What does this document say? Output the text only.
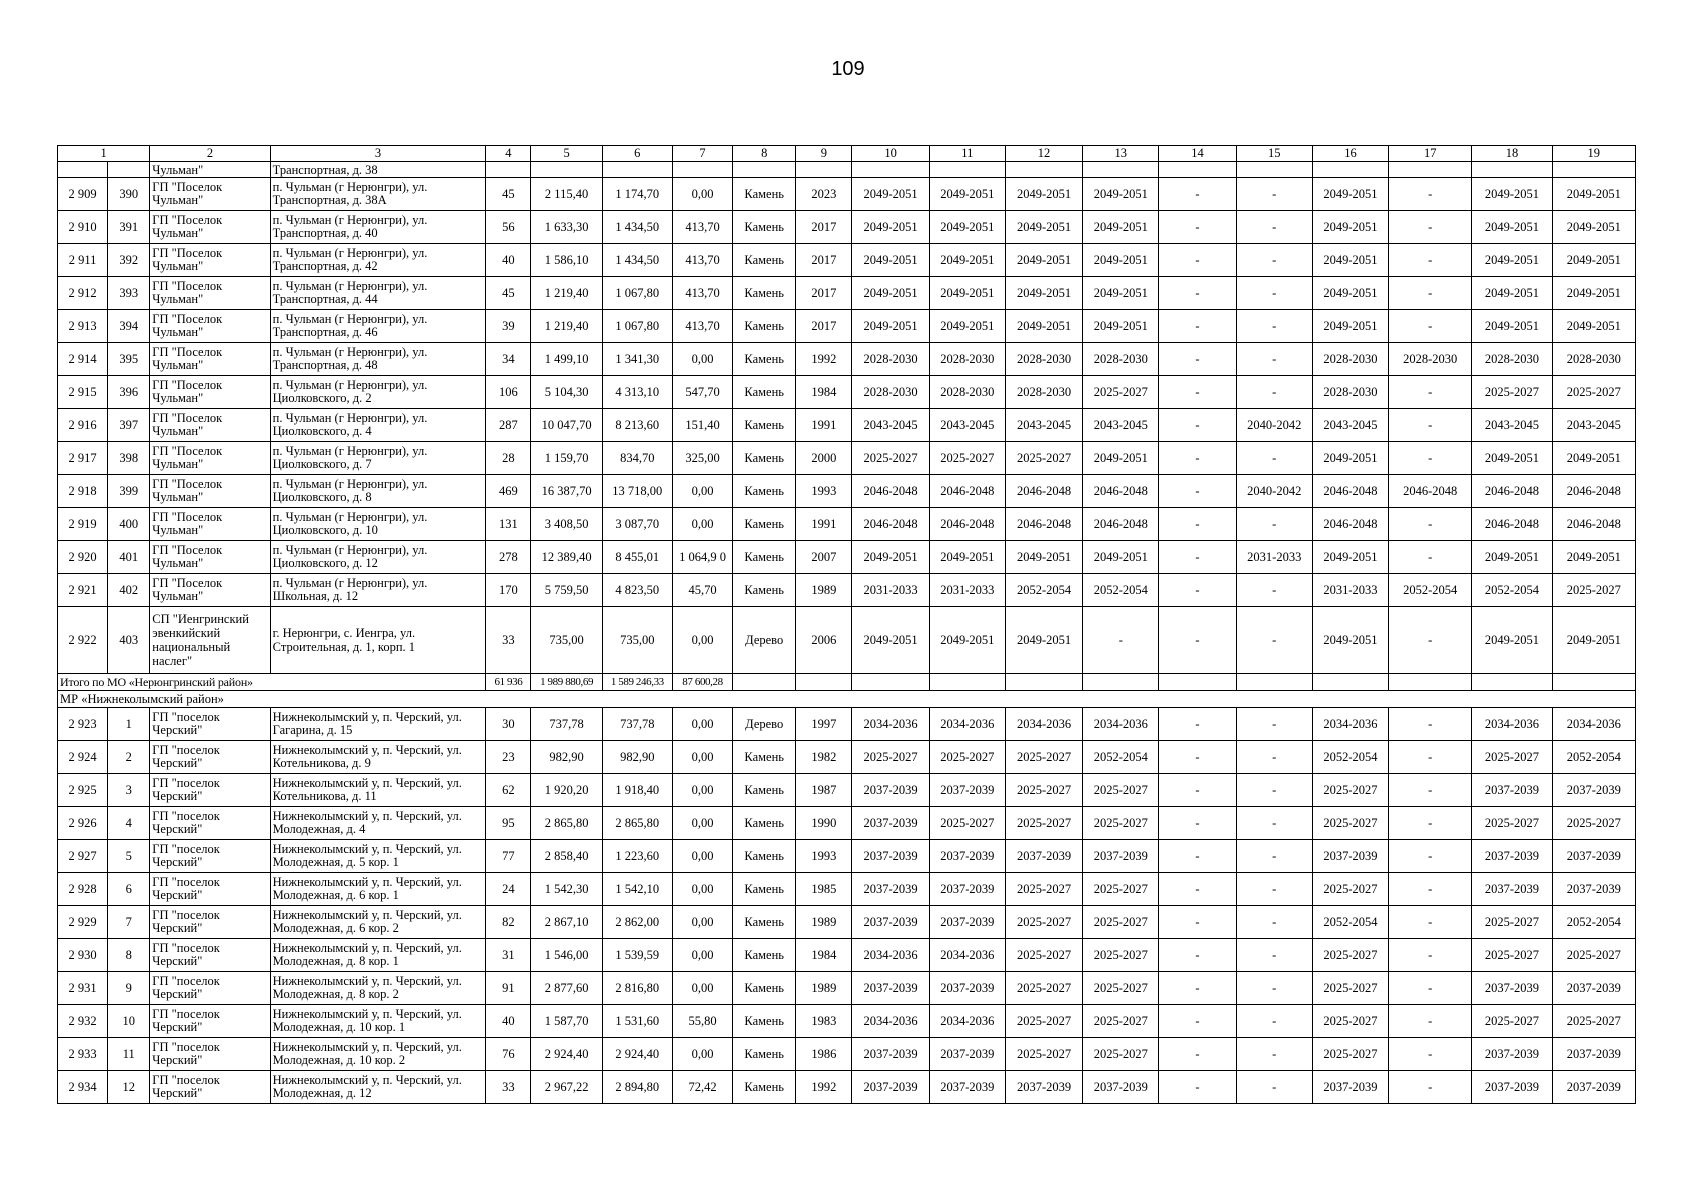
109
1		2	3	4	5	6	7	8	9	10	11	12	13	14	15	16	17	18	19
		Чульман"	Транспортная, д. 38																
2 909	390	ГП "Поселок Чульман"	п. Чульман (г Нерюнгри), ул. Транспортная, д. 38А	45	2 115,40	1 174,70	0,00	Камень	2023	2049-2051	2049-2051	2049-2051	2049-2051	-	-	2049-2051	-	2049-2051	2049-2051
2 910	391	ГП "Поселок Чульман"	п. Чульман (г Нерюнгри), ул. Транспортная, д. 40	56	1 633,30	1 434,50	413,70	Камень	2017	2049-2051	2049-2051	2049-2051	2049-2051	-	-	2049-2051	-	2049-2051	2049-2051
2 911	392	ГП "Поселок Чульман"	п. Чульман (г Нерюнгри), ул. Транспортная, д. 42	40	1 586,10	1 434,50	413,70	Камень	2017	2049-2051	2049-2051	2049-2051	2049-2051	-	-	2049-2051	-	2049-2051	2049-2051
2 912	393	ГП "Поселок Чульман"	п. Чульман (г Нерюнгри), ул. Транспортная, д. 44	45	1 219,40	1 067,80	413,70	Камень	2017	2049-2051	2049-2051	2049-2051	2049-2051	-	-	2049-2051	-	2049-2051	2049-2051
2 913	394	ГП "Поселок Чульман"	п. Чульман (г Нерюнгри), ул. Транспортная, д. 46	39	1 219,40	1 067,80	413,70	Камень	2017	2049-2051	2049-2051	2049-2051	2049-2051	-	-	2049-2051	-	2049-2051	2049-2051
2 914	395	ГП "Поселок Чульман"	п. Чульман (г Нерюнгри), ул. Транспортная, д. 48	34	1 499,10	1 341,30	0,00	Камень	1992	2028-2030	2028-2030	2028-2030	2028-2030	-	-	2028-2030	2028-2030	2028-2030	2028-2030
2 915	396	ГП "Поселок Чульман"	п. Чульман (г Нерюнгри), ул. Циолковского, д. 2	106	5 104,30	4 313,10	547,70	Камень	1984	2028-2030	2028-2030	2028-2030	2025-2027	-	-	2028-2030	-	2025-2027	2025-2027
2 916	397	ГП "Поселок Чульман"	п. Чульман (г Нерюнгри), ул. Циолковского, д. 4	287	10 047,70	8 213,60	151,40	Камень	1991	2043-2045	2043-2045	2043-2045	2043-2045	-	2040-2042	2043-2045	-	2043-2045	2043-2045
2 917	398	ГП "Поселок Чульман"	п. Чульман (г Нерюнгри), ул. Циолковского, д. 7	28	1 159,70	834,70	325,00	Камень	2000	2025-2027	2025-2027	2025-2027	2049-2051	-	-	2049-2051	-	2049-2051	2049-2051
2 918	399	ГП "Поселок Чульман"	п. Чульман (г Нерюнгри), ул. Циолковского, д. 8	469	16 387,70	13 718,00	0,00	Камень	1993	2046-2048	2046-2048	2046-2048	2046-2048	-	2040-2042	2046-2048	2046-2048	2046-2048	2046-2048
2 919	400	ГП "Поселок Чульман"	п. Чульман (г Нерюнгри), ул. Циолковского, д. 10	131	3 408,50	3 087,70	0,00	Камень	1991	2046-2048	2046-2048	2046-2048	2046-2048	-	-	2046-2048	-	2046-2048	2046-2048
2 920	401	ГП "Поселок Чульман"	п. Чульман (г Нерюнгри), ул. Циолковского, д. 12	278	12 389,40	8 455,01	1 064,9 0	Камень	2007	2049-2051	2049-2051	2049-2051	2049-2051	-	2031-2033	2049-2051	-	2049-2051	2049-2051
2 921	402	ГП "Поселок Чульман"	п. Чульман (г Нерюнгри), ул. Школьная, д. 12	170	5 759,50	4 823,50	45,70	Камень	1989	2031-2033	2031-2033	2052-2054	2052-2054	-	-	2031-2033	2052-2054	2052-2054	2025-2027
2 922	403	СП "Иенгринский эвенкийский национальный наслег"	г. Нерюнгри, с. Иенгра, ул. Строительная, д. 1, корп. 1	33	735,00	735,00	0,00	Дерево	2006	2049-2051	2049-2051	2049-2051	-	-	-	2049-2051	-	2049-2051	2049-2051
Итого по МО «Нерюнгринский район»				61 936	1 989 880,69	1 589 246,33	87 600,28												
МР «Нижнеколымский район»																			
2 923	1	ГП "поселок Черский"	Нижнеколымский у, п. Черский, ул. Гагарина, д. 15	30	737,78	737,78	0,00	Дерево	1997	2034-2036	2034-2036	2034-2036	2034-2036	-	-	2034-2036	-	2034-2036	2034-2036
2 924	2	ГП "поселок Черский"	Нижнеколымский у, п. Черский, ул. Котельникова, д. 9	23	982,90	982,90	0,00	Камень	1982	2025-2027	2025-2027	2025-2027	2052-2054	-	-	2052-2054	-	2025-2027	2052-2054
2 925	3	ГП "поселок Черский"	Нижнеколымский у, п. Черский, ул. Котельникова, д. 11	62	1 920,20	1 918,40	0,00	Камень	1987	2037-2039	2037-2039	2025-2027	2025-2027	-	-	2025-2027	-	2037-2039	2037-2039
2 926	4	ГП "поселок Черский"	Нижнеколымский у, п. Черский, ул. Молодежная, д. 4	95	2 865,80	2 865,80	0,00	Камень	1990	2037-2039	2025-2027	2025-2027	2025-2027	-	-	2025-2027	-	2025-2027	2025-2027
2 927	5	ГП "поселок Черский"	Нижнеколымский у, п. Черский, ул. Молодежная, д. 5 кор. 1	77	2 858,40	1 223,60	0,00	Камень	1993	2037-2039	2037-2039	2037-2039	2037-2039	-	-	2037-2039	-	2037-2039	2037-2039
2 928	6	ГП "поселок Черский"	Нижнеколымский у, п. Черский, ул. Молодежная, д. 6 кор. 1	24	1 542,30	1 542,10	0,00	Камень	1985	2037-2039	2037-2039	2025-2027	2025-2027	-	-	2025-2027	-	2037-2039	2037-2039
2 929	7	ГП "поселок Черский"	Нижнеколымский у, п. Черский, ул. Молодежная, д. 6 кор. 2	82	2 867,10	2 862,00	0,00	Камень	1989	2037-2039	2037-2039	2025-2027	2025-2027	-	-	2052-2054	-	2025-2027	2052-2054
2 930	8	ГП "поселок Черский"	Нижнеколымский у, п. Черский, ул. Молодежная, д. 8 кор. 1	31	1 546,00	1 539,59	0,00	Камень	1984	2034-2036	2034-2036	2025-2027	2025-2027	-	-	2025-2027	-	2025-2027	2025-2027
2 931	9	ГП "поселок Черский"	Нижнеколымский у, п. Черский, ул. Молодежная, д. 8 кор. 2	91	2 877,60	2 816,80	0,00	Камень	1989	2037-2039	2037-2039	2025-2027	2025-2027	-	-	2025-2027	-	2037-2039	2037-2039
2 932	10	ГП "поселок Черский"	Нижнеколымский у, п. Черский, ул. Молодежная, д. 10 кор. 1	40	1 587,70	1 531,60	55,80	Камень	1983	2034-2036	2034-2036	2025-2027	2025-2027	-	-	2025-2027	-	2025-2027	2025-2027
2 933	11	ГП "поселок Черский"	Нижнеколымский у, п. Черский, ул. Молодежная, д. 10 кор. 2	76	2 924,40	2 924,40	0,00	Камень	1986	2037-2039	2037-2039	2025-2027	2025-2027	-	-	2025-2027	-	2037-2039	2037-2039
2 934	12	ГП "поселок Черский"	Нижнеколымский у, п. Черский, ул. Молодежная, д. 12	33	2 967,22	2 894,80	72,42	Камень	1992	2037-2039	2037-2039	2037-2039	2037-2039	-	-	2037-2039	-	2037-2039	2037-2039
